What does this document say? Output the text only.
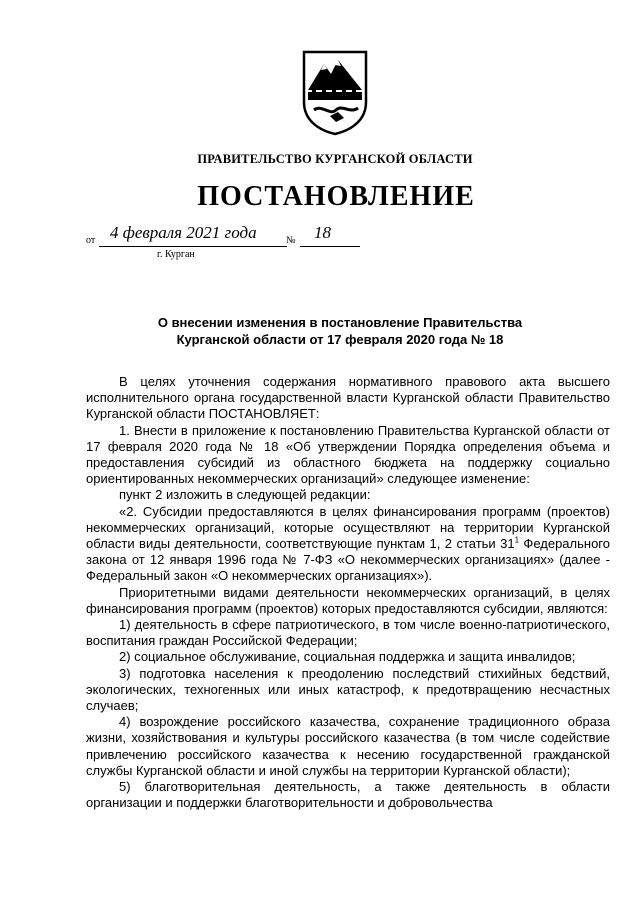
ПРАВИТЕЛЬСТВО КУРГАНСКОЙ ОБЛАСТИ
ПОСТАНОВЛЕНИЕ
от 4 февраля 2021 года	№ 18
г. Курган
О внесении изменения в постановление Правительства
Курганской области от 17 февраля 2020 года № 18

В целях уточнения содержания нормативного правового акта высшего исполнительного органа государственной власти Курганской области Правительство Курганской области ПОСТАНОВЛЯЕТ:

1. Внести в приложение к постановлению Правительства Курганской области от 17 февраля 2020 года № 18 «Об утверждении Порядка определения объема и предоставления субсидий из областного бюджета на поддержку социально ориентированных некоммерческих организаций» следующее изменение:

пункт 2 изложить в следующей редакции:

«2. Субсидии предоставляются в целях финансирования программ (проектов) некоммерческих организаций, которые осуществляют на территории Курганской области виды деятельности, соответствующие пунктам 1, 2 статьи $31^1$ Федерального закона от 12 января 1996 года № 7-ФЗ «О некоммерческих организациях» (далее - Федеральный закон «О некоммерческих организациях»).

Приоритетными видами деятельности некоммерческих организаций, в целях финансирования программ (проектов) которых предоставляются субсидии, являются:

1) деятельность в сфере патриотического, в том числе военно-патриотического, воспитания граждан Российской Федерации;

2) социальное обслуживание, социальная поддержка и защита инвалидов;

3) подготовка населения к преодолению последствий стихийных бедствий, экологических, техногенных или иных катастроф, к предотвращению несчастных случаев;

4) возрождение российского казачества, сохранение традиционного образа жизни, хозяйствования и культуры российского казачества (в том числе содействие привлечению российского казачества к несению государственной гражданской службы Курганской области и иной службы на территории Курганской области);

5) благотворительная деятельность, а также деятельность в области организации и поддержки благотворительности и добровольчества
